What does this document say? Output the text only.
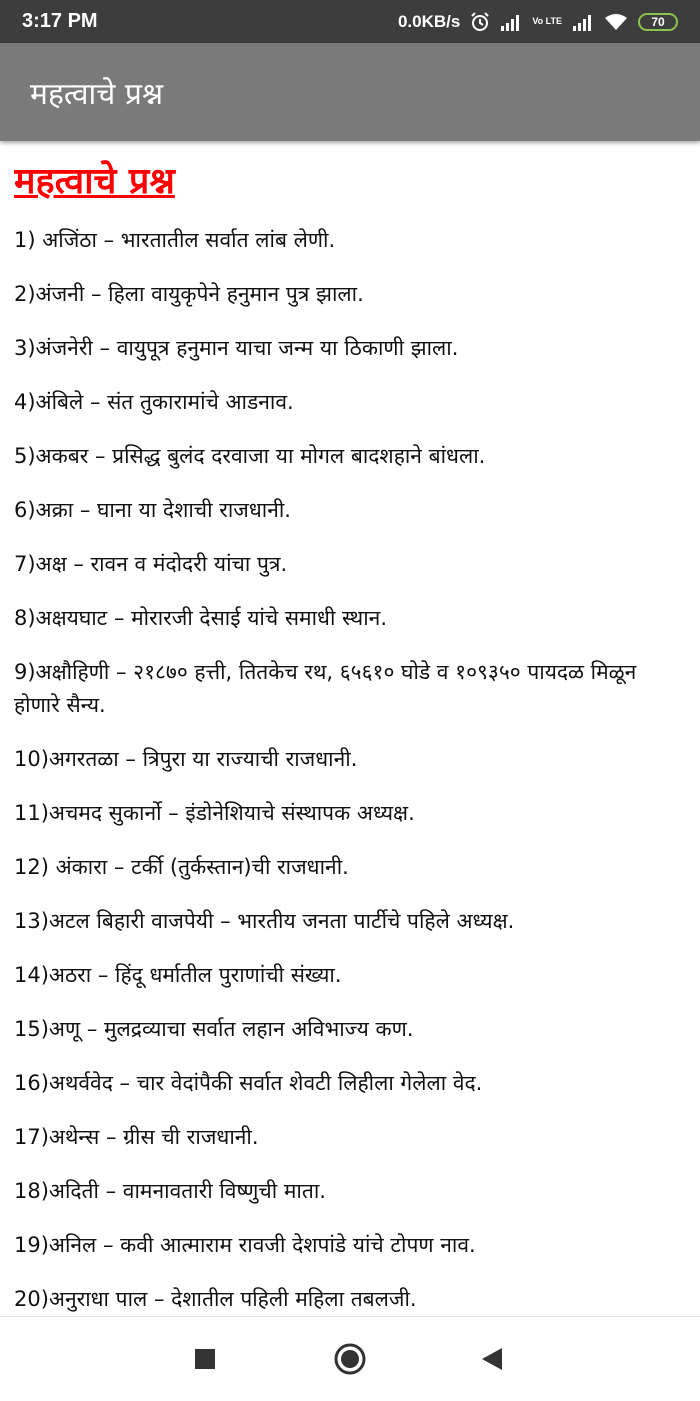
3:17 PM	0.0KB/s	Vo LTE	70
महत्वाचे प्रश्न
महत्वाचे प्रश्न
1) अजिंठा – भारतातील सर्वात लांब लेणी.
2)अंजनी – हिला वायुकृपेने हनुमान पुत्र झाला.
3)अंजनेरी – वायुपूत्र हनुमान याचा जन्म या ठिकाणी झाला.
4)अंबिले – संत तुकारामांचे आडनाव.
5)अकबर – प्रसिद्ध बुलंद दरवाजा या मोगल बादशहाने बांधला.
6)अक्रा – घाना या देशाची राजधानी.
7)अक्ष – रावन व मंदोदरी यांचा पुत्र.
8)अक्षयघाट – मोरारजी देसाई यांचे समाधी स्थान.
9)अक्षौहिणी – २१८७० हत्ती, तितकेच रथ, ६५६१० घोडे व १०९३५० पायदळ मिळून होणारे सैन्य.
10)अगरतळा – त्रिपुरा या राज्याची राजधानी.
11)अचमद सुकार्नो – इंडोनेशियाचे संस्थापक अध्यक्ष.
12) अंकारा – टर्की (तुर्कस्तान)ची राजधानी.
13)अटल बिहारी वाजपेयी – भारतीय जनता पार्टीचे पहिले अध्यक्ष.
14)अठरा – हिंदू धर्मातील पुराणांची संख्या.
15)अणू – मुलद्रव्याचा सर्वात लहान अविभाज्य कण.
16)अथर्ववेद – चार वेदांपैकी सर्वात शेवटी लिहीला गेलेला वेद.
17)अथेन्स – ग्रीस ची राजधानी.
18)अदिती – वामनावतारी विष्णुची माता.
19)अनिल – कवी आत्माराम रावजी देशपांडे यांचे टोपण नाव.
20)अनुराधा पाल – देशातील पहिली महिला तबलजी.
